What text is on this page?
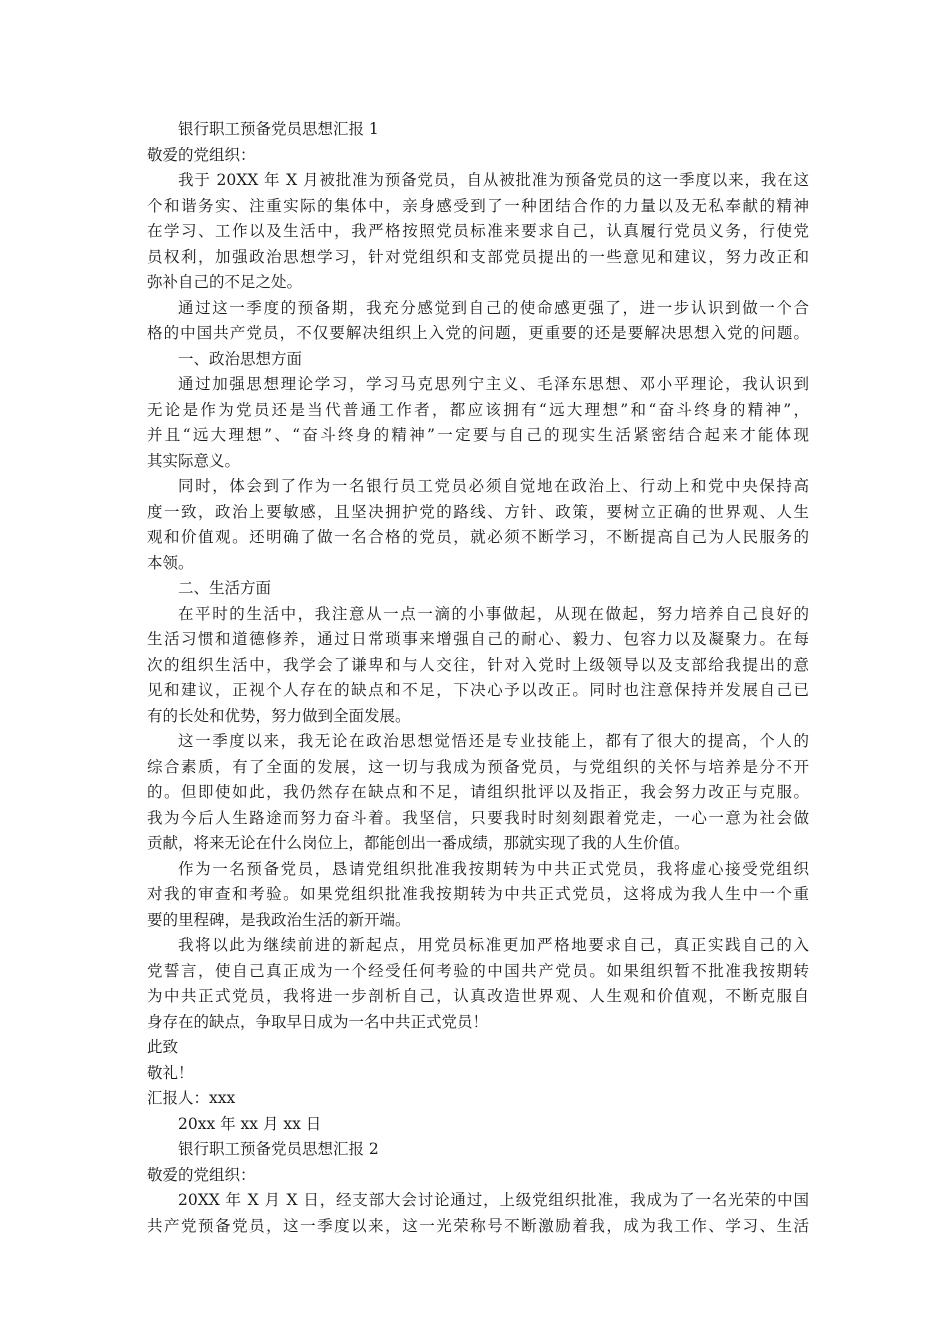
银行职工预备党员思想汇报 1
敬爱的党组织：
我于 20XX 年 X 月被批准为预备党员，自从被批准为预备党员的这一季度以来，我在这
个和谐务实、注重实际的集体中，亲身感受到了一种团结合作的力量以及无私奉献的精神
在学习、工作以及生活中，我严格按照党员标准来要求自己，认真履行党员义务，行使党
员权利，加强政治思想学习，针对党组织和支部党员提出的一些意见和建议，努力改正和
弥补自己的不足之处。
通过这一季度的预备期，我充分感觉到自己的使命感更强了，进一步认识到做一个合
格的中国共产党员，不仅要解决组织上入党的问题，更重要的还是要解决思想入党的问题。
一、政治思想方面
通过加强思想理论学习，学习马克思列宁主义、毛泽东思想、邓小平理论，我认识到
无论是作为党员还是当代普通工作者，都应该拥有“远大理想”和“奋斗终身的精神”，
并且“远大理想”、“奋斗终身的精神”一定要与自己的现实生活紧密结合起来才能体现
其实际意义。
同时，体会到了作为一名银行员工党员必须自觉地在政治上、行动上和党中央保持高
度一致，政治上要敏感，且坚决拥护党的路线、方针、政策，要树立正确的世界观、人生
观和价值观。还明确了做一名合格的党员，就必须不断学习，不断提高自己为人民服务的
本领。
二、生活方面
在平时的生活中，我注意从一点一滴的小事做起，从现在做起，努力培养自己良好的
生活习惯和道德修养，通过日常琐事来增强自己的耐心、毅力、包容力以及凝聚力。在每
次的组织生活中，我学会了谦卑和与人交往，针对入党时上级领导以及支部给我提出的意
见和建议，正视个人存在的缺点和不足，下决心予以改正。同时也注意保持并发展自己已
有的长处和优势，努力做到全面发展。
这一季度以来，我无论在政治思想觉悟还是专业技能上，都有了很大的提高，个人的
综合素质，有了全面的发展，这一切与我成为预备党员，与党组织的关怀与培养是分不开
的。但即使如此，我仍然存在缺点和不足，请组织批评以及指正，我会努力改正与克服。
我为今后人生路途而努力奋斗着。我坚信，只要我时时刻刻跟着党走，一心一意为社会做
贡献，将来无论在什么岗位上，都能创出一番成绩，那就实现了我的人生价值。
作为一名预备党员，恳请党组织批准我按期转为中共正式党员，我将虚心接受党组织
对我的审查和考验。如果党组织批准我按期转为中共正式党员，这将成为我人生中一个重
要的里程碑，是我政治生活的新开端。
我将以此为继续前进的新起点，用党员标准更加严格地要求自己，真正实践自己的入
党誓言，使自己真正成为一个经受任何考验的中国共产党员。如果组织暂不批准我按期转
为中共正式党员，我将进一步剖析自己，认真改造世界观、人生观和价值观，不断克服自
身存在的缺点，争取早日成为一名中共正式党员！
此致
敬礼！
汇报人：xxx
20xx 年 xx 月 xx 日
银行职工预备党员思想汇报 2
敬爱的党组织：
20XX 年 X 月 X 日，经支部大会讨论通过，上级党组织批准，我成为了一名光荣的中国
共产党预备党员，这一季度以来，这一光荣称号不断激励着我，成为我工作、学习、生活
